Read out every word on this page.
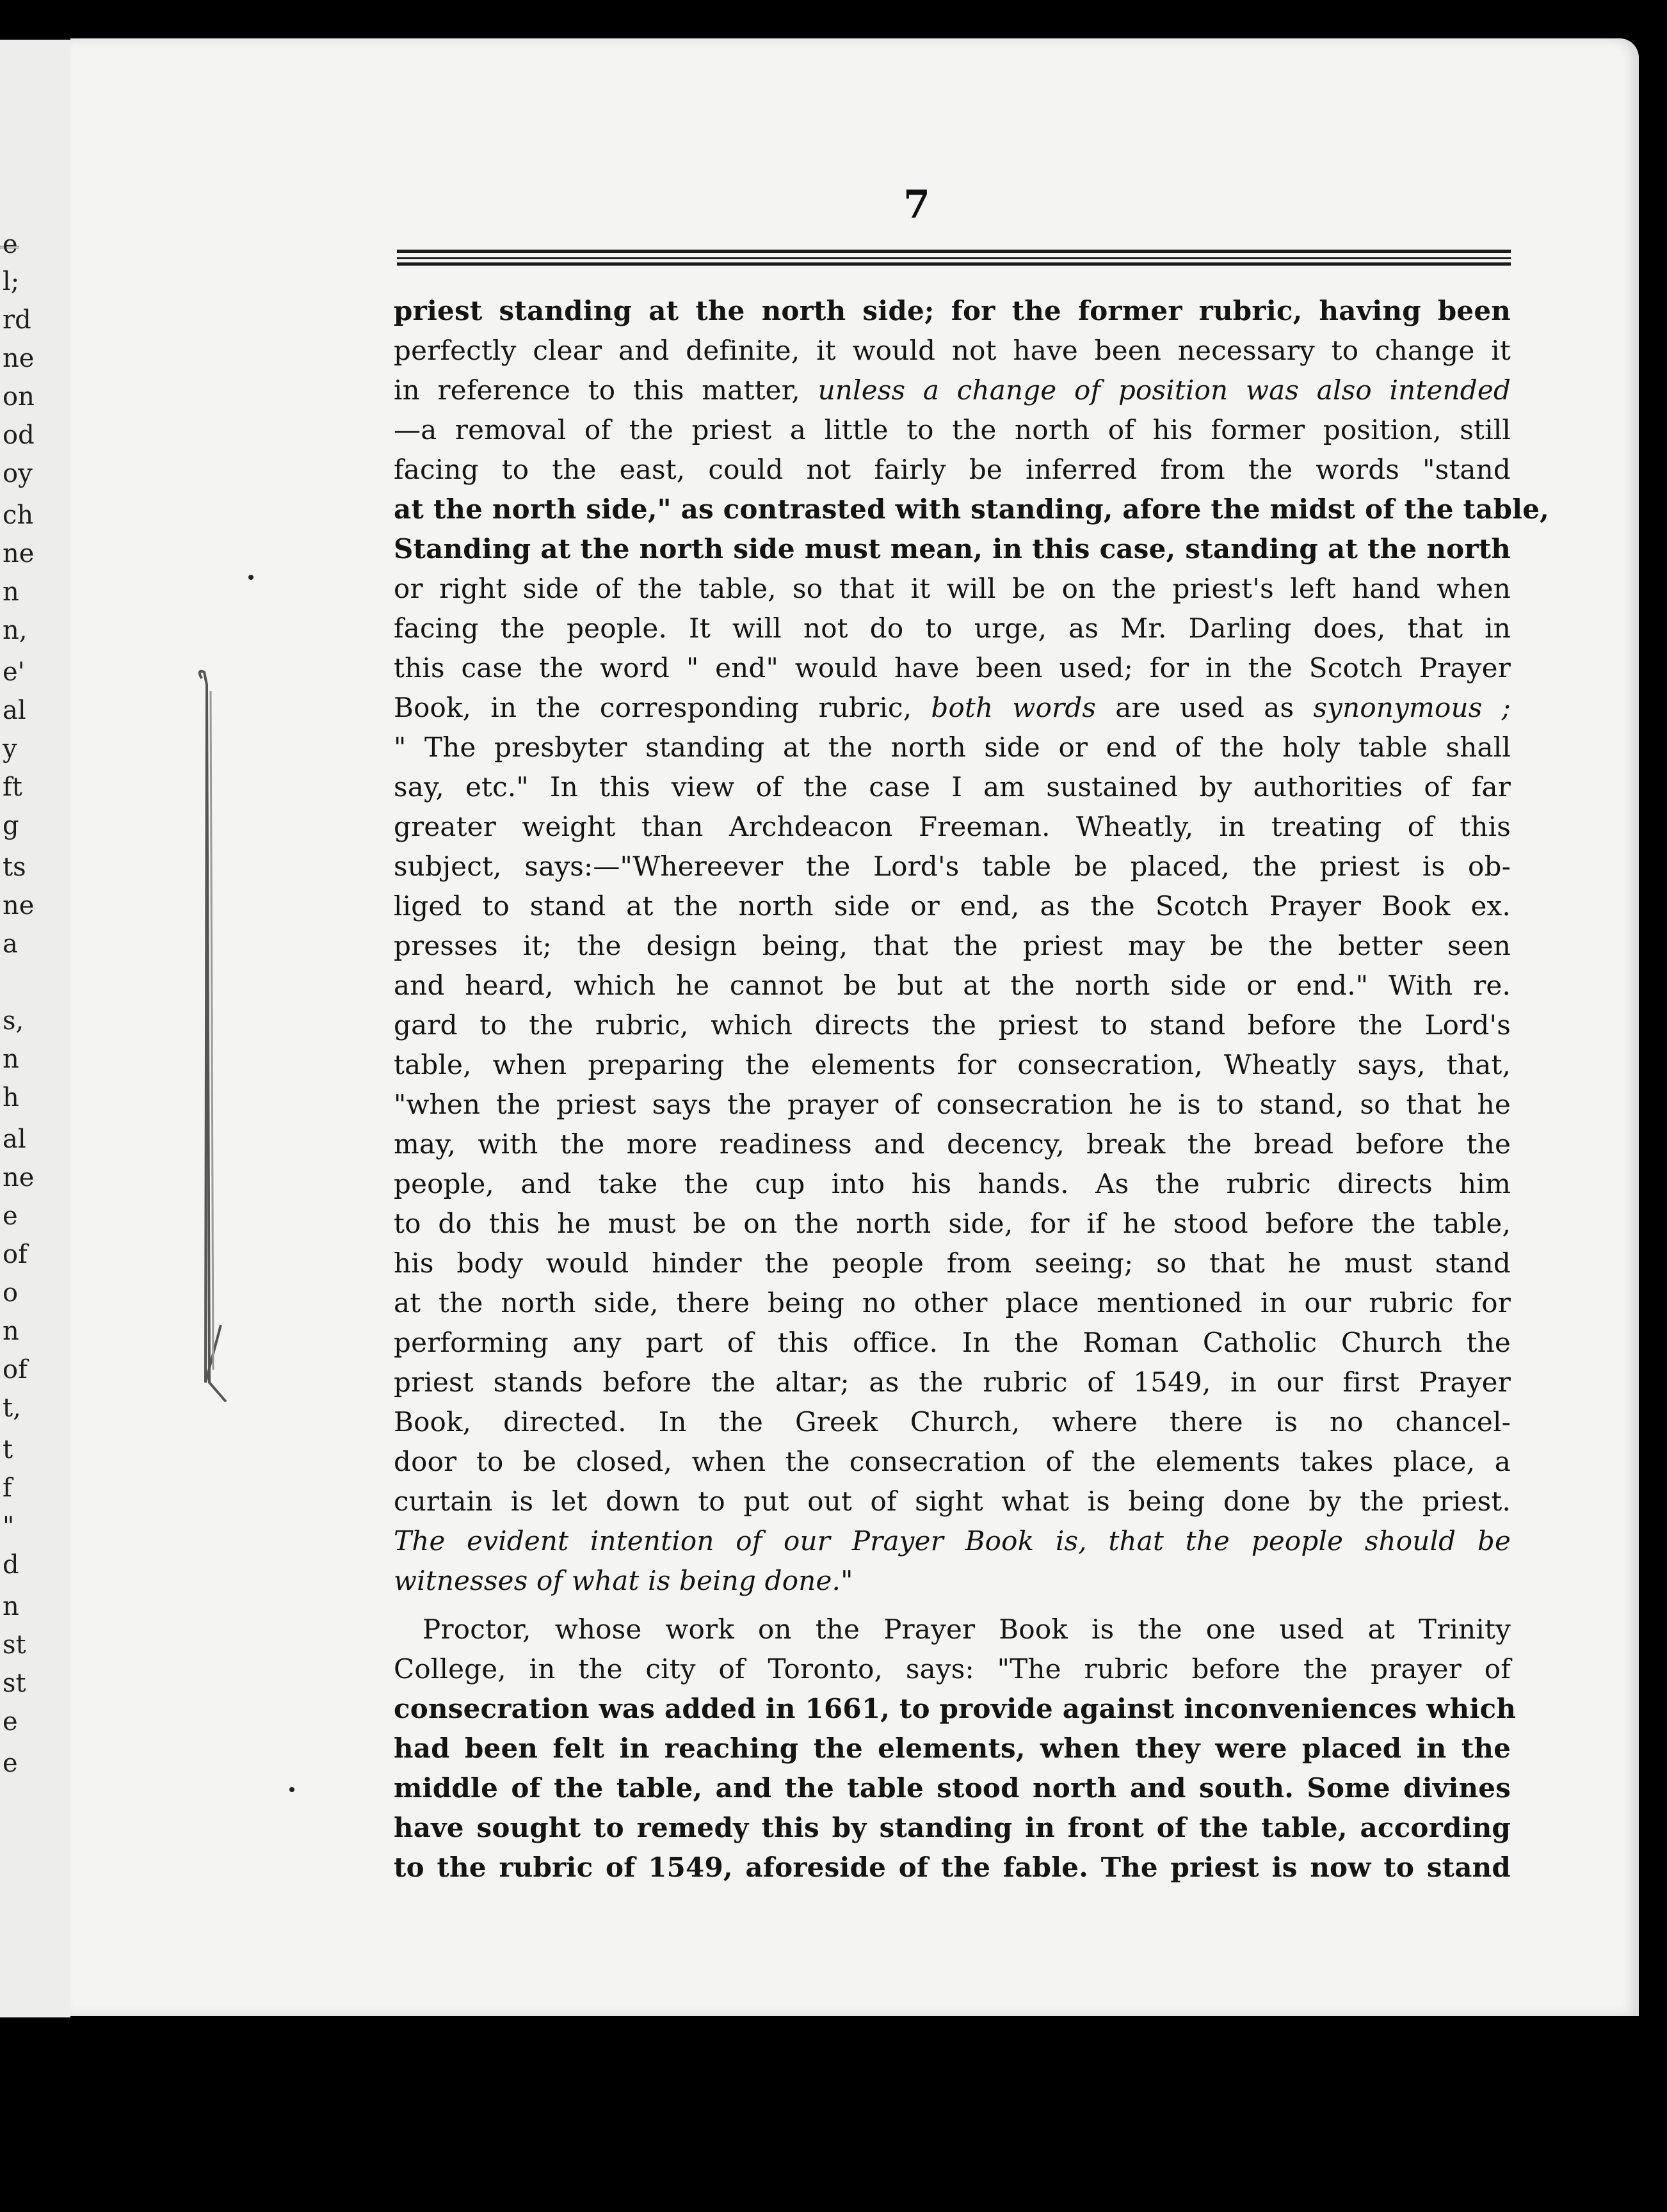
e
l;
rd
ne
on
od
oy
ch
ne
n
n,
e'
al
y
ft
g
ts
ne
a
s,
n
h
al
ne
e
of
o
n
of
t,
t
f
"
d
n
st
st
e
e
7
priest standing at the north side; for the former rubric, having been
perfectly clear and definite, it would not have been necessary to change it
in reference to this matter, unless a change of position was also intended
—a removal of the priest a little to the north of his former position, still
facing to the east, could not fairly be inferred from the words "stand
at the north side," as contrasted with standing, afore the midst of the table,
Standing at the north side must mean, in this case, standing at the north
or right side of the table, so that it will be on the priest's left hand when
facing the people. It will not do to urge, as Mr. Darling does, that in
this case the word " end" would have been used; for in the Scotch Prayer
Book, in the corresponding rubric, both words are used as synonymous ;
" The presbyter standing at the north side or end of the holy table shall
say, etc." In this view of the case I am sustained by authorities of far
greater weight than Archdeacon Freeman. Wheatly, in treating of this
subject, says:—"Whereever the Lord's table be placed, the priest is ob-
liged to stand at the north side or end, as the Scotch Prayer Book ex.
presses it; the design being, that the priest may be the better seen
and heard, which he cannot be but at the north side or end." With re.
gard to the rubric, which directs the priest to stand before the Lord's
table, when preparing the elements for consecration, Wheatly says, that,
"when the priest says the prayer of consecration he is to stand, so that he
may, with the more readiness and decency, break the bread before the
people, and take the cup into his hands. As the rubric directs him
to do this he must be on the north side, for if he stood before the table,
his body would hinder the people from seeing; so that he must stand
at the north side, there being no other place mentioned in our rubric for
performing any part of this office. In the Roman Catholic Church the
priest stands before the altar; as the rubric of 1549, in our first Prayer
Book, directed. In the Greek Church, where there is no chancel-
door to be closed, when the consecration of the elements takes place, a
curtain is let down to put out of sight what is being done by the priest.
The evident intention of our Prayer Book is, that the people should be
witnesses of what is being done."
Proctor, whose work on the Prayer Book is the one used at Trinity
College, in the city of Toronto, says: "The rubric before the prayer of
consecration was added in 1661, to provide against inconveniences which
had been felt in reaching the elements, when they were placed in the
middle of the table, and the table stood north and south. Some divines
have sought to remedy this by standing in front of the table, according
to the rubric of 1549, aforeside of the fable. The priest is now to stand
